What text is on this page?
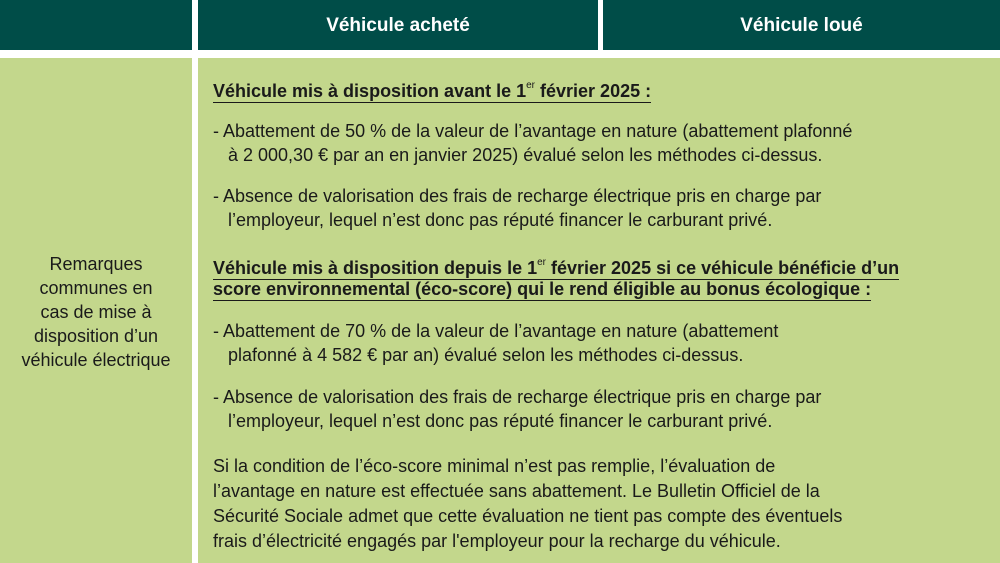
Véhicule acheté	Véhicule loué
Remarques
communes en
cas de mise à
disposition d’un
véhicule électrique
Véhicule mis à disposition avant le 1er février 2025 :
- Abattement de 50 % de la valeur de l’avantage en nature (abattement plafonné
à 2 000,30 € par an en janvier 2025) évalué selon les méthodes ci-dessus.
- Absence de valorisation des frais de recharge électrique pris en charge par
l’employeur, lequel n’est donc pas réputé financer le carburant privé.
Véhicule mis à disposition depuis le 1er février 2025 si ce véhicule bénéficie d’un
score environnemental (éco-score) qui le rend éligible au bonus écologique :
- Abattement de 70 % de la valeur de l’avantage en nature (abattement
plafonné à 4 582 € par an) évalué selon les méthodes ci-dessus.
- Absence de valorisation des frais de recharge électrique pris en charge par
l’employeur, lequel n’est donc pas réputé financer le carburant privé.
Si la condition de l’éco-score minimal n’est pas remplie, l’évaluation de
l’avantage en nature est effectuée sans abattement. Le Bulletin Officiel de la
Sécurité Sociale admet que cette évaluation ne tient pas compte des éventuels
frais d’électricité engagés par l'employeur pour la recharge du véhicule.
